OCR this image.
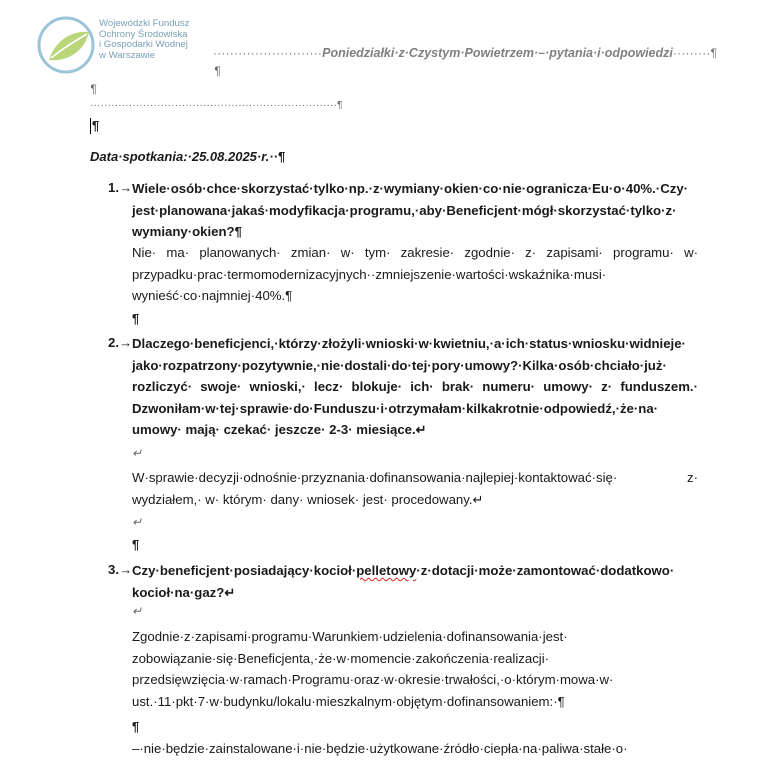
Wojewódzki Fundusz
Ochrony Środowiska
i Gospodarki Wodnej
w Warszawie	··························Poniedziałki·z·Czystym·Powietrzem·–·pytania·i·odpowiedzi·········¶
¶
¶
······································································¶
¶
Data·spotkania:·25.08.2025·r.··¶
1.→ Wiele·osób·chce·skorzystać·tylko·np.·z·wymiany·okien·co·nie·ogranicza·Eu·o·40%.·Czy· jest·planowana·jakaś·modyfikacja·programu,·aby·Beneficjent·mógł·skorzystać·tylko·z· wymiany·okien?¶
Nie· ma· planowanych· zmian· w· tym· zakresie· zgodnie· z· zapisami· programu· w· przypadku·prac·termomodernizacyjnych··zmniejszenie·wartości·wskaźnika·musi· wynieść·co·najmniej·40%.¶
¶
2.→ Dlaczego·beneficjenci,·którzy·złożyli·wnioski·w·kwietniu,·a·ich·status·wniosku·widnieje· jako·rozpatrzony·pozytywnie,·nie·dostali·do·tej·pory·umowy?·Kilka·osób·chciało·już· rozliczyć· swoje· wnioski,· lecz· blokuje· ich· brak· numeru· umowy· z· funduszem.· Dzwoniłam·w·tej·sprawie·do·Funduszu·i·otrzymałam·kilkakrotnie·odpowiedź,·że·na· umowy· mają· czekać· jeszcze· 2-3· miesiące.↵
↵
W·sprawie·decyzji·odnośnie·przyznania·dofinansowania·najlepiej·kontaktować·się· z· wydziałem,· w· którym· dany· wniosek· jest· procedowany.↵
↵
¶
3.→ Czy·beneficjent·posiadający·kocioł·pelletowy·z·dotacji·może·zamontować·dodatkowo· kocioł·na·gaz?↵
↵
Zgodnie·z·zapisami·programu·Warunkiem·udzielenia·dofinansowania·jest· zobowiązanie·się·Beneficjenta,·że·w·momencie·zakończenia·realizacji· przedsięwzięcia·w·ramach·Programu·oraz·w·okresie·trwałości,·o·którym·mowa·w· ust.·11·pkt·7·w·budynku/lokalu·mieszkalnym·objętym·dofinansowaniem:·¶
¶
–·nie·będzie·zainstalowane·i·nie·będzie·użytkowane·źródło·ciepła·na·paliwa·stałe·o·
